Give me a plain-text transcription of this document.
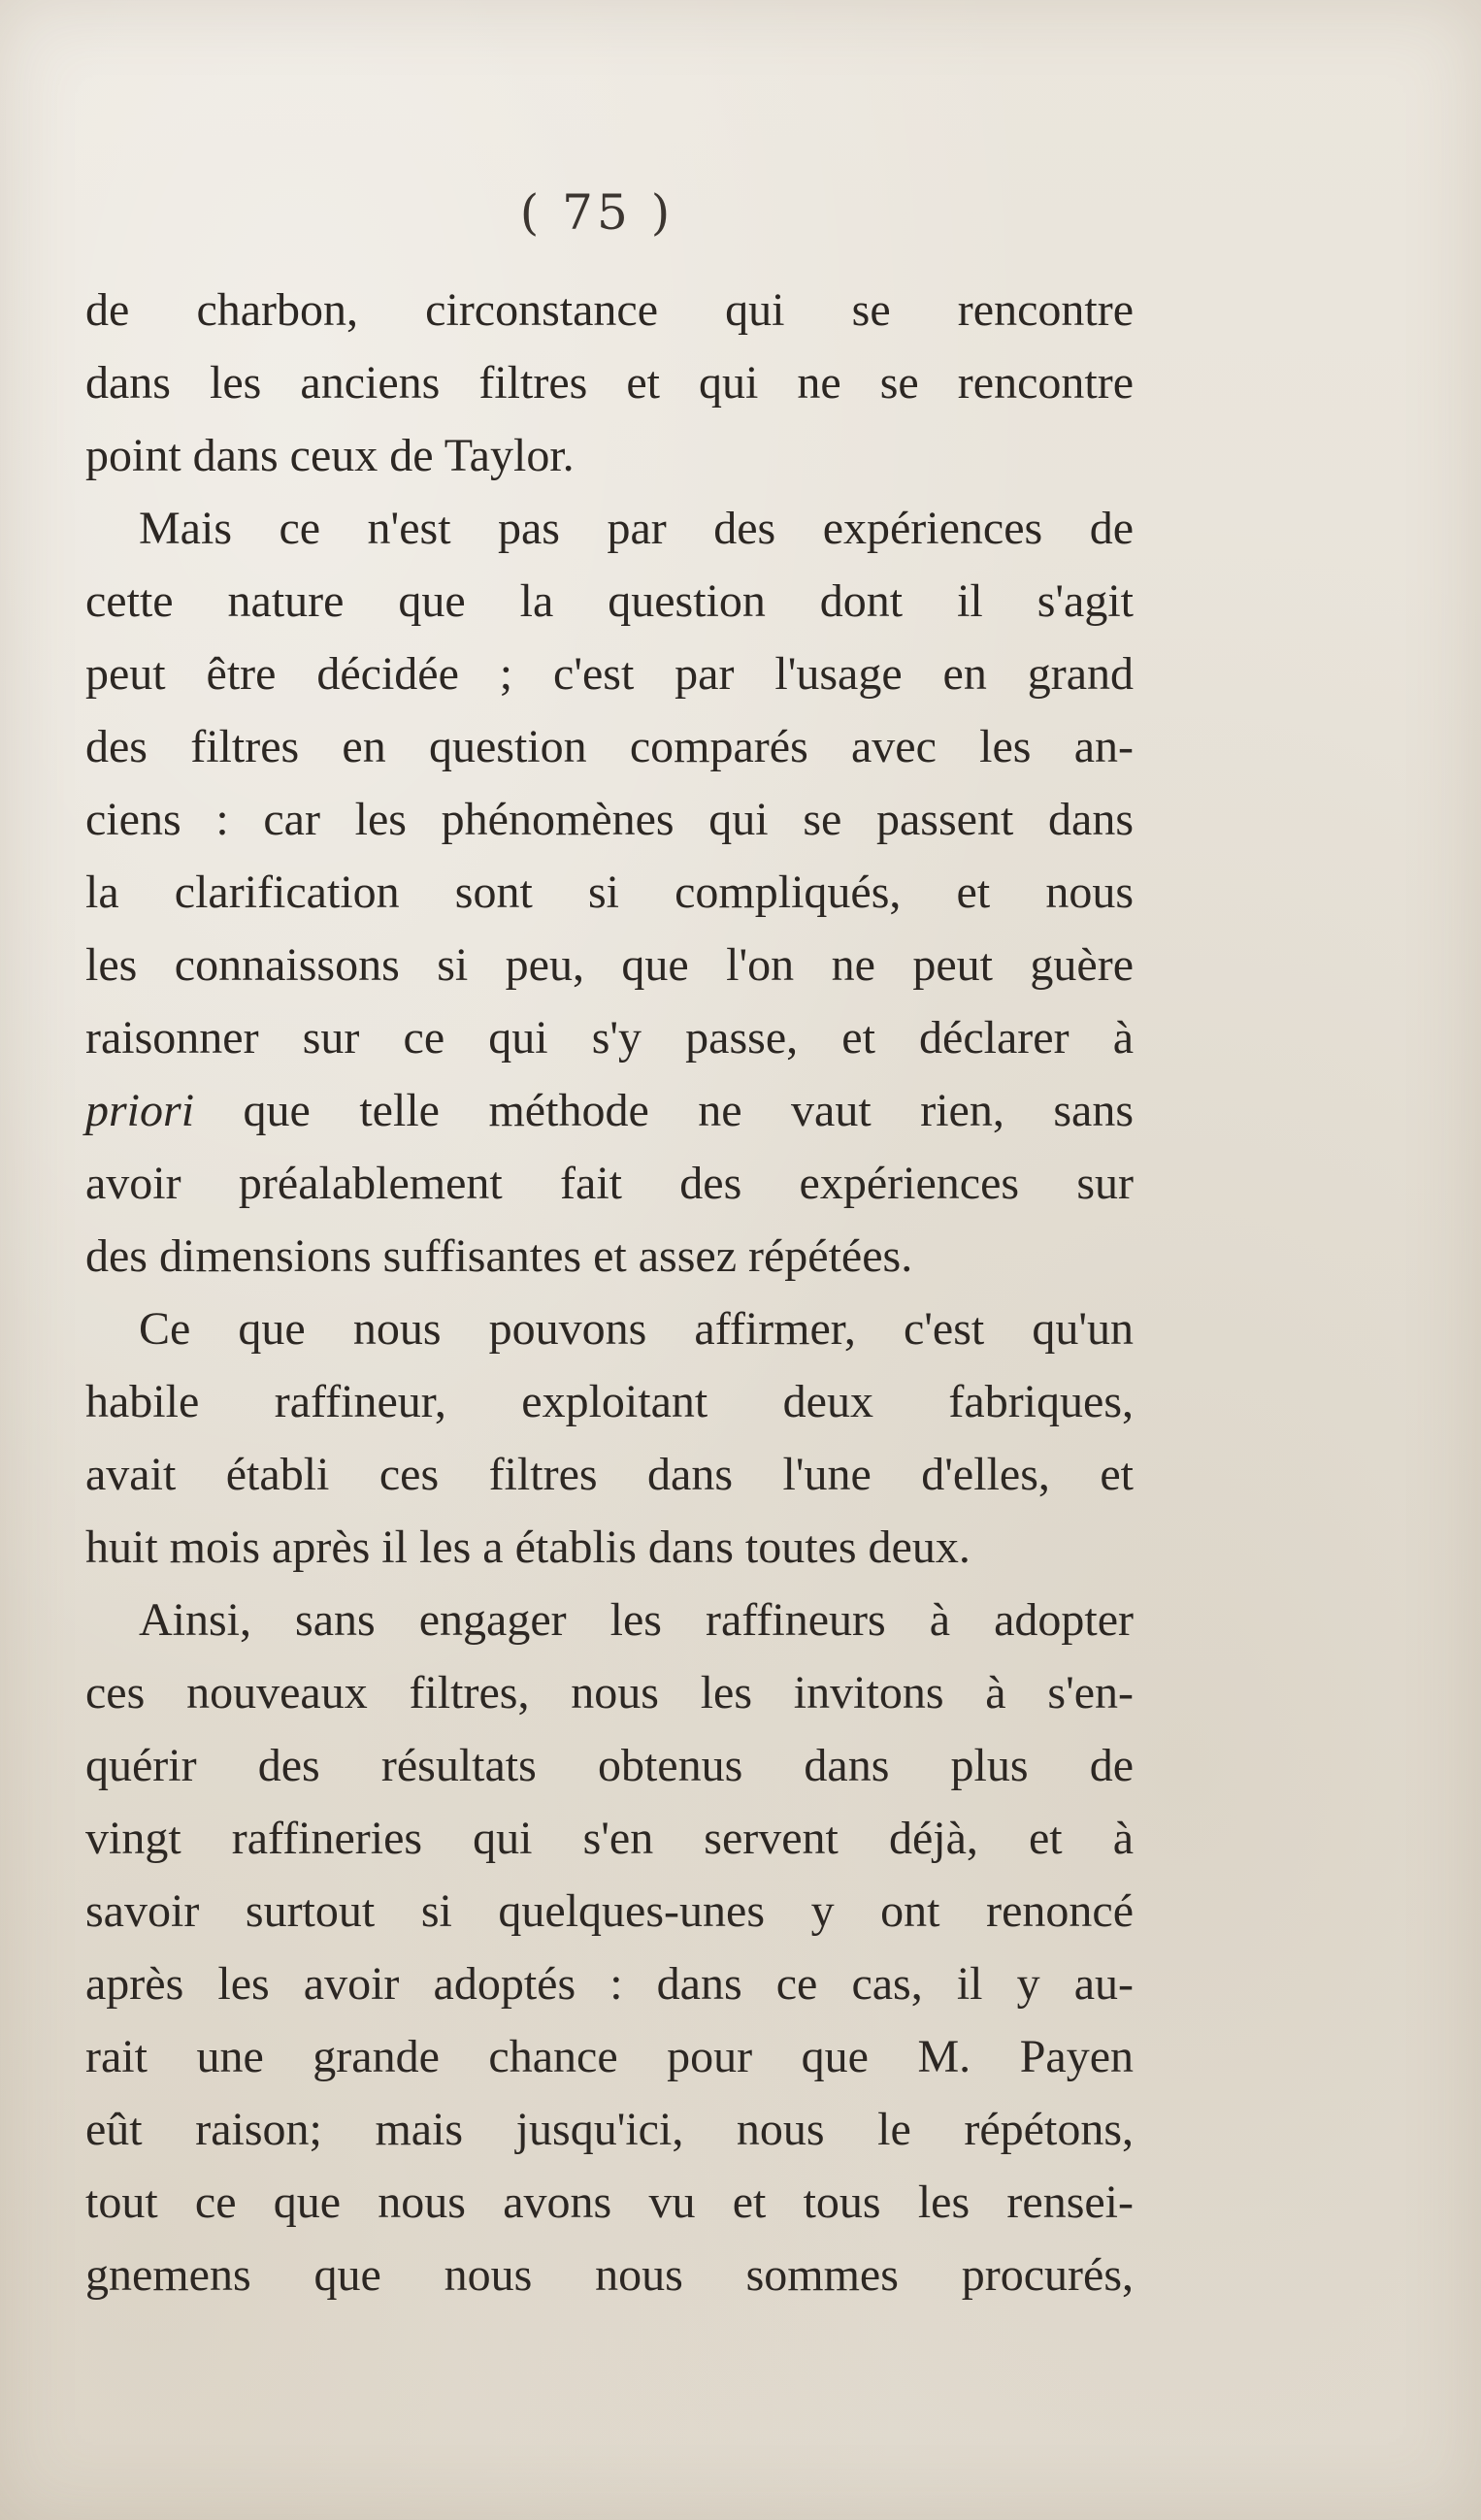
( 75 )
de charbon, circonstance qui se rencontre
dans les anciens filtres et qui ne se rencontre
point dans ceux de Taylor.
Mais ce n'est pas par des expériences de
cette nature que la question dont il s'agit
peut être décidée ; c'est par l'usage en grand
des filtres en question comparés avec les an-
ciens : car les phénomènes qui se passent dans
la clarification sont si compliqués, et nous
les connaissons si peu, que l'on ne peut guère
raisonner sur ce qui s'y passe, et déclarer à
priori que telle méthode ne vaut rien, sans
avoir préalablement fait des expériences sur
des dimensions suffisantes et assez répétées.
Ce que nous pouvons affirmer, c'est qu'un
habile raffineur, exploitant deux fabriques,
avait établi ces filtres dans l'une d'elles, et
huit mois après il les a établis dans toutes deux.
Ainsi, sans engager les raffineurs à adopter
ces nouveaux filtres, nous les invitons à s'en-
quérir des résultats obtenus dans plus de
vingt raffineries qui s'en servent déjà, et à
savoir surtout si quelques-unes y ont renoncé
après les avoir adoptés : dans ce cas, il y au-
rait une grande chance pour que M. Payen
eût raison; mais jusqu'ici, nous le répétons,
tout ce que nous avons vu et tous les rensei-
gnemens que nous nous sommes procurés,
